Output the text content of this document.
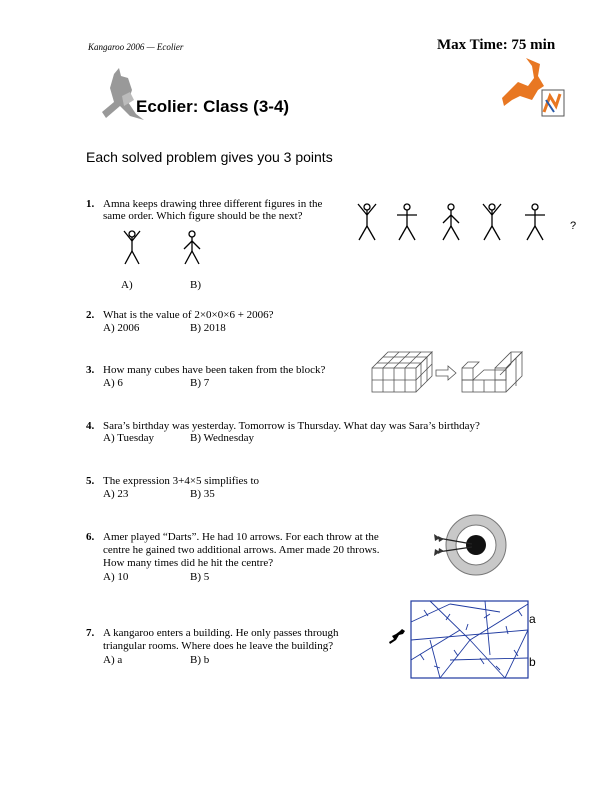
Kangaroo 2006 — Ecolier	Max Time: 75 min
Ecolier: Class (3-4)
Each solved problem gives you 3 points
1. Amna keeps drawing three different figures in the
same order. Which figure should be the next?
A)	B)
?
2. What is the value of 2×0×0×6 + 2006?
A) 2006	B) 2018
3. How many cubes have been taken from the block?
A) 6	B) 7
4. Sara’s birthday was yesterday. Tomorrow is Thursday. What day was Sara’s birthday?
A) Tuesday	B) Wednesday
5. The expression 3+4×5 simplifies to
A) 23	B) 35
6. Amer played “Darts”. He had 10 arrows. For each throw at the
centre he gained two additional arrows. Amer made 20 throws.
How many times did he hit the centre?
A) 10	B) 5
7. A kangaroo enters a building. He only passes through
triangular rooms. Where does he leave the building?
A) a	B) b
a
b
